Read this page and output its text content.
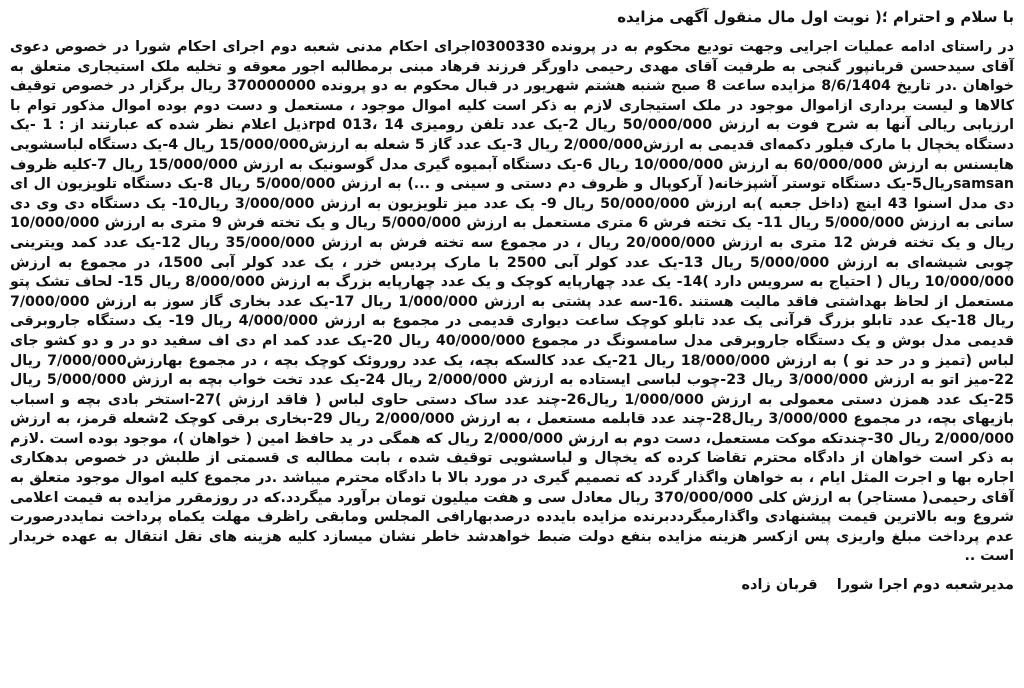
با سلام و احترام ؛( نوبت اول مال منقول آگهی مزایده

در راستای ادامه عملیات اجرایی وجهت تودیع محکوم به در پرونده 0300330اجرای احکام مدنی شعبه دوم اجرای احکام شورا در خصوص دعوی آقای سیدحسن قربانپور گنجی به طرفیت آقای مهدی رحیمی داورگر فرزند فرهاد مبنی برمطالبه اجور معوقه و تخلیه ملک استیجاری متعلق به خواهان .در تاریخ 8/6/1404 مزایده ساعت 8 صبح شنبه هشتم شهریور در قبال محکوم به دو پرونده 370000000 ریال برگزار در خصوص توقیف کالاها و لیست برداری ازاموال موجود در ملک استیجاری لازم به ذکر است کلیه اموال موجود ، مستعمل و دست دوم بوده اموال مذکور توام با ارزیابی ریالی آنها به شرح فوت به ارزش 50/000/000 ریال 2-یک عدد تلفن رومیزی 14 ،013 rpdذیل اعلام نظر شده که عبارتند از : 1 -یک دستگاه یخچال با مارک فیلور دکمه‌ای قدیمی به ارزش2/000/000 ریال 3-یک عدد گاز 5 شعله به ارزش15/000/000 ریال 4-یک دستگاه لباسشویی هایسنس به ارزش 60/000/000 به ارزش 10/000/000 ریال 6-یک دستگاه آبمیوه گیری مدل گوسونیک به ارزش 15/000/000 ریال 7-کلیه ظروف samsanریال5-یک دستگاه توستر آشپزخانه( آرکوپال و ظروف دم دستی و سینی و ...) به ارزش 5/000/000 ریال 8-یک دستگاه تلویزیون ال ای دی مدل اسنوا 43 اینچ (داخل جعبه )به ارزش 50/000/000 ریال 9- یک عدد میز تلویزیون به ارزش 3/000/000 ریال10- یک دستگاه دی وی دی سانی به ارزش 5/000/000 ریال 11- یک تخته فرش 6 متری مستعمل به ارزش 5/000/000 ریال و یک تخته فرش 9 متری به ارزش 10/000/000 ریال و یک تخته فرش 12 متری به ارزش 20/000/000 ریال ، در مجموع سه تخته فرش به ارزش 35/000/000 ریال 12-یک عدد کمد ویترینی چوبی شیشه‌ای به ارزش 5/000/000 ریال 13-یک عدد کولر آبی 2500 با مارک پردیس خزر ، یک عدد کولر آبی 1500، در مجموع به ارزش 10/000/000 ریال ( احتیاج به سرویس دارد )14- یک عدد چهارپایه کوچک و یک عدد چهارپایه بزرگ به ارزش 8/000/000 ریال 15- لحاف تشک پتو مستعمل از لحاظ بهداشتی فاقد مالیت هستند .16-سه عدد پشتی به ارزش 1/000/000 ریال 17-یک عدد بخاری گاز سوز به ارزش 7/000/000 ریال 18-یک عدد تابلو بزرگ قرآنی یک عدد تابلو کوچک ساعت دیواری قدیمی در مجموع به ارزش 4/000/000 ریال 19- یک دستگاه جاروبرقی قدیمی مدل بوش و یک دستگاه جاروبرقی مدل سامسونگ در مجموع 40/000/000 ریال 20-یک عدد کمد ام دی اف سفید دو در و دو کشو جای لباس (تمیز و در حد نو ) به ارزش 18/000/000 ریال 21-یک عدد کالسکه بچه، یک عدد روروئک کوچک بچه ، در مجموع بهارزش7/000/000 ریال 22-میز اتو به ارزش 3/000/000 ریال 23-چوب لباسی ایستاده به ارزش 2/000/000 ریال 24-یک عدد تخت خواب بچه به ارزش 5/000/000 ریال 25-یک عدد همزن دستی معمولی به ارزش 1/000/000 ریال26-چند عدد ساک دستی حاوی لباس ( فاقد ارزش )27-استخر بادی بچه و اسباب بازیهای بچه، در مجموع 3/000/000 ریال28-چند عدد قابلمه مستعمل ، به ارزش 2/000/000 ریال 29-بخاری برقی کوچک 2شعله قرمز، به ارزش 2/000/000 ریال 30-چندتکه موکت مستعمل، دست دوم به ارزش 2/000/000 ریال که همگی در ید حافظ امین ( خواهان )، موجود بوده است .لازم به ذکر است خواهان از دادگاه محترم تقاضا کرده که یخچال و لباسشویی توقیف شده ، بابت مطالبه ی قسمتی از طلبش در خصوص بدهکاری اجاره بها و اجرت المثل ایام ، به خواهان واگذار گردد که تصمیم گیری در مورد بالا با دادگاه محترم میباشد .در مجموع کلیه اموال موجود متعلق به آقای رحیمی( مستاجر) به ارزش کلی 370/000/000 ریال معادل سی و هفت میلیون تومان برآورد میگردد.که در روزمقرر مزایده به قیمت اعلامی شروع وبه بالاترین قیمت پیشنهادی واگذارمیگرددبرنده مزایده بایدده درصدبهارافی المجلس ومابقی راظرف مهلت یکماه پرداخت نمایددرصورت عدم پرداخت مبلغ واریزی پس ازکسر هزینه مزایده بنفع دولت ضبط خواهدشد خاطر نشان میسازد کلیه هزینه های نقل انتقال به عهده خریدار است ..

مدیرشعبه دوم اجرا شورا قربان زاده
